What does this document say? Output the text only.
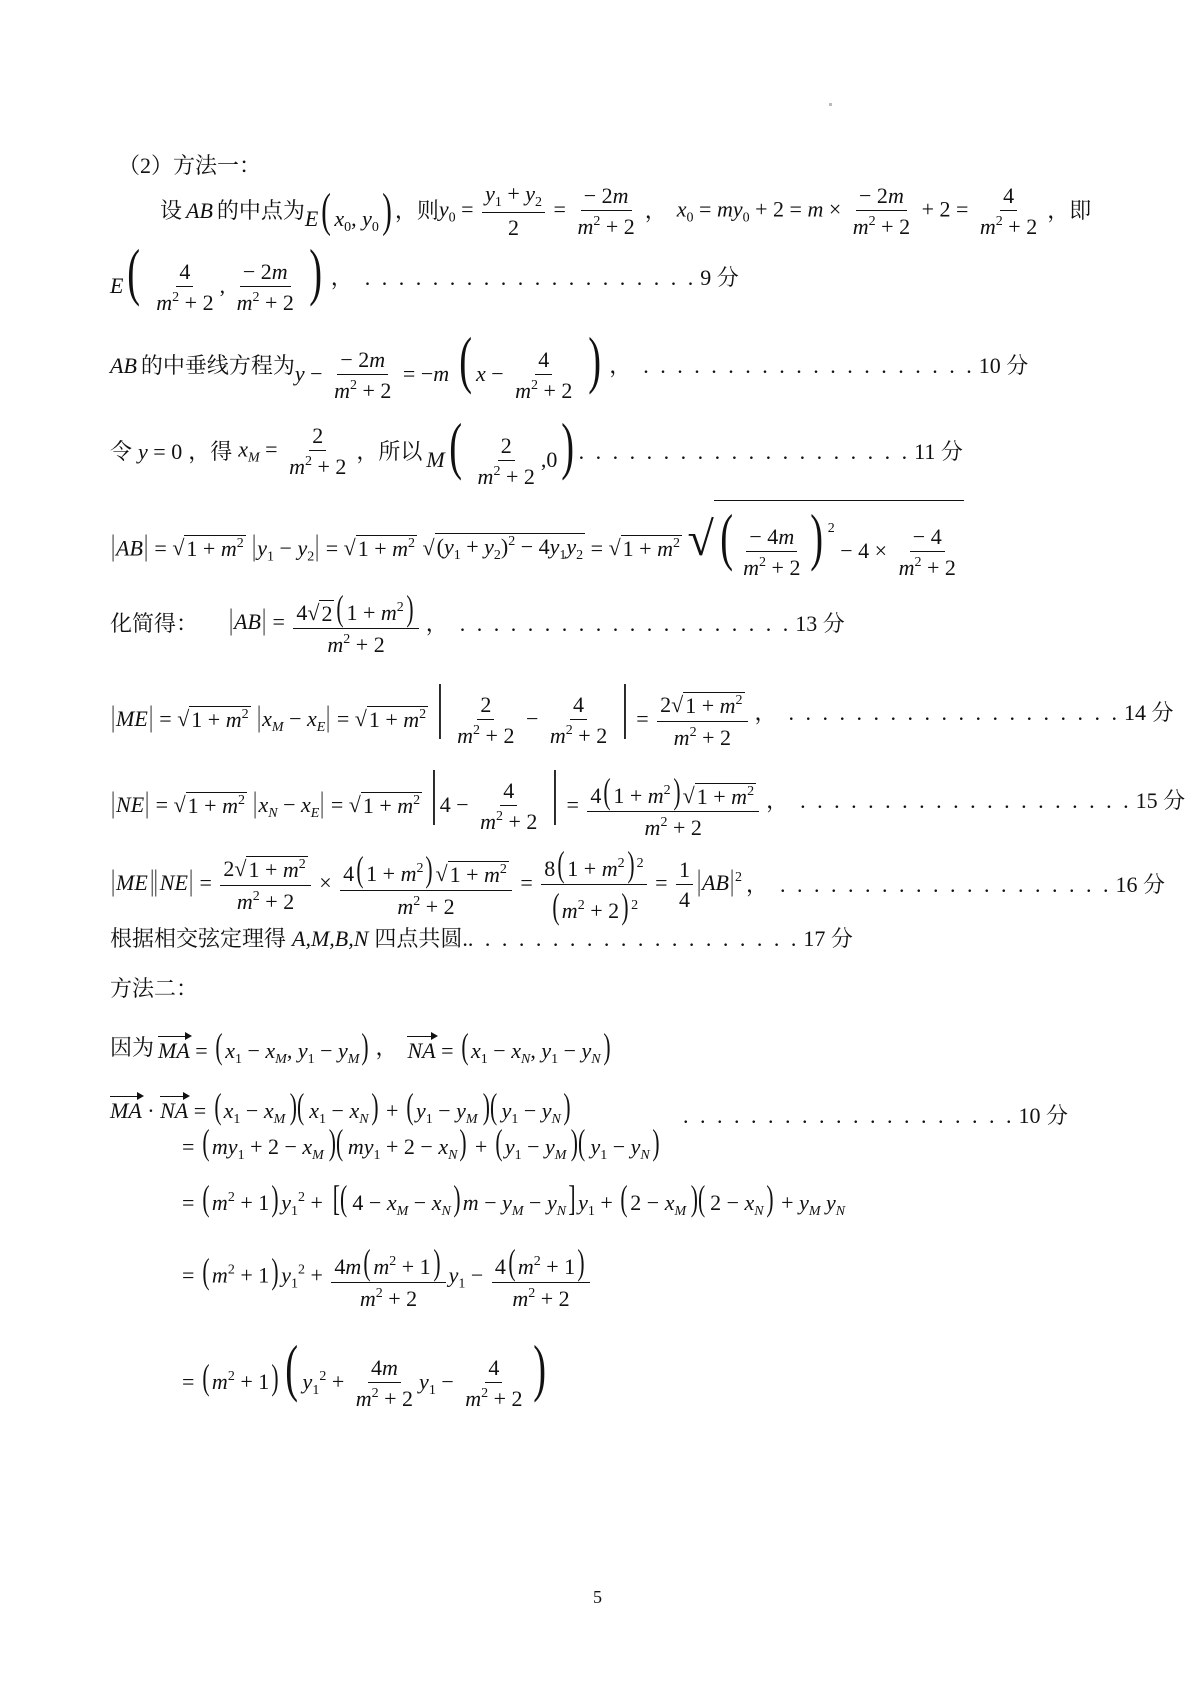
（2）方法一：
设 AB 的中点为 E( $x_0$, $y_0$) ，则 $y_0 = \frac{y_1 + y_2}{2} = \frac{- 2m}{m^2 + 2}$ ， $x_0 = my_0 + 2 = m \times \frac{- 2m}{m^2 + 2} + 2 = \frac{4}{m^2 + 2}$ ，即
$E( \frac{4}{m^2 + 2}$ , $\frac{- 2m}{m^2 + 2}$ ) ， . . . . . . . . . . . . . . . . . . . . 9 分
AB 的中垂线方程为 $y - \frac{- 2m}{m^2 + 2} = -m$ ( $x - \frac{4}{m^2 + 2}$ ) ， . . . . . . . . . . . . . . . . . . . . 10 分
令 y = 0 ，得 $x_M = \frac{2}{m^2 + 2}$ ，所以 $M( \frac{2}{m^2 + 2} ,0)$ . . . . . . . . . . . . . . . . . . . . 11 分
|AB| = √ $1 + m^2$ $|y_1 - y_2|$ = √ $1 + m^2$ √ $(y_1 + y_2)^2 - 4y_1y_2$ = √ $1 + m^2$
√ ( $\frac{- 4m}{m^2 + 2}$ ) $^2 - 4 \times \frac{- 4}{m^2 + 2}$
化简得： $|AB| = \frac{4√ 2 ( 1 + m^2)}{m^2 + 2}$ ， . . . . . . . . . . . . . . . . . . . . 13 分
|ME| = √ $1 + m^2$ $|x_M - x_E|$ = √ $1 + m^2$ | $\frac{2}{m^2 + 2} - \frac{4}{m^2 + 2}$ | = $\frac{2√ 1 + m^2}{m^2 + 2}$ ， . . . . . . . . . . . . . . . . . . . . 14 分
|NE| = √ $1 + m^2$ $|x_N - x_E|$ = √ $1 + m^2$ | $4 - \frac{4}{m^2 + 2}$ | = $\frac{4( 1 + m^2) √ 1 + m^2}{m^2 + 2}$ ， . . . . . . . . . . . . . . . . . . . . 15 分
|ME|| $NE| = \frac{2√ 1 + m^2}{m^2 + 2} \times \frac{4( 1 + m^2) √ 1 + m^2}{m^2 + 2} = \frac{8( 1 + m^2) ^2}{( m^2 + 2) ^2} = \frac{1}{4} |AB|^2$ ， . . . . . . . . . . . . . . . . . . . . 16 分
根据相交弦定理得 A,M,B,N 四点共圆. . . . . . . . . . . . . . . . . . . . . 17 分
方法二：
因为 MA = ( $x_1 - x_M$, $y_1 - y_M$) ， NA = ( $x_1 - x_N$, $y_1 - y_N$)
MA · NA = ( $x_1 - x_M$ )( $x_1 - x_N$) + ( $y_1 - y_M$ )( $y_1 - y_N$)
= ( $my_1 + 2 - x_M$ )( $my_1 + 2 - x_N$) + ( $y_1 - y_M$ )( $y_1 - y_N$)
. . . . . . . . . . . . . . . . . . . . 10 分
= ( $m^2 + 1$) $y_1^2$ + [( $4 - x_M - x_N$) $m - y_M - y_N$] $y_1$ + ( $2 - x_M$ )( $2 - x_N) + y_M$ $y_N$
= ( $m^2 + 1$) $y_1^2 + \frac{4m( m^2 + 1)}{m^2 + 2} y_1 - \frac{4( m^2 + 1)}{m^2 + 2}$
= ( $m^2 + 1$) ( $y_1^2 + \frac{4m}{m^2 + 2} y_1 - \frac{4}{m^2 + 2}$ )
5
